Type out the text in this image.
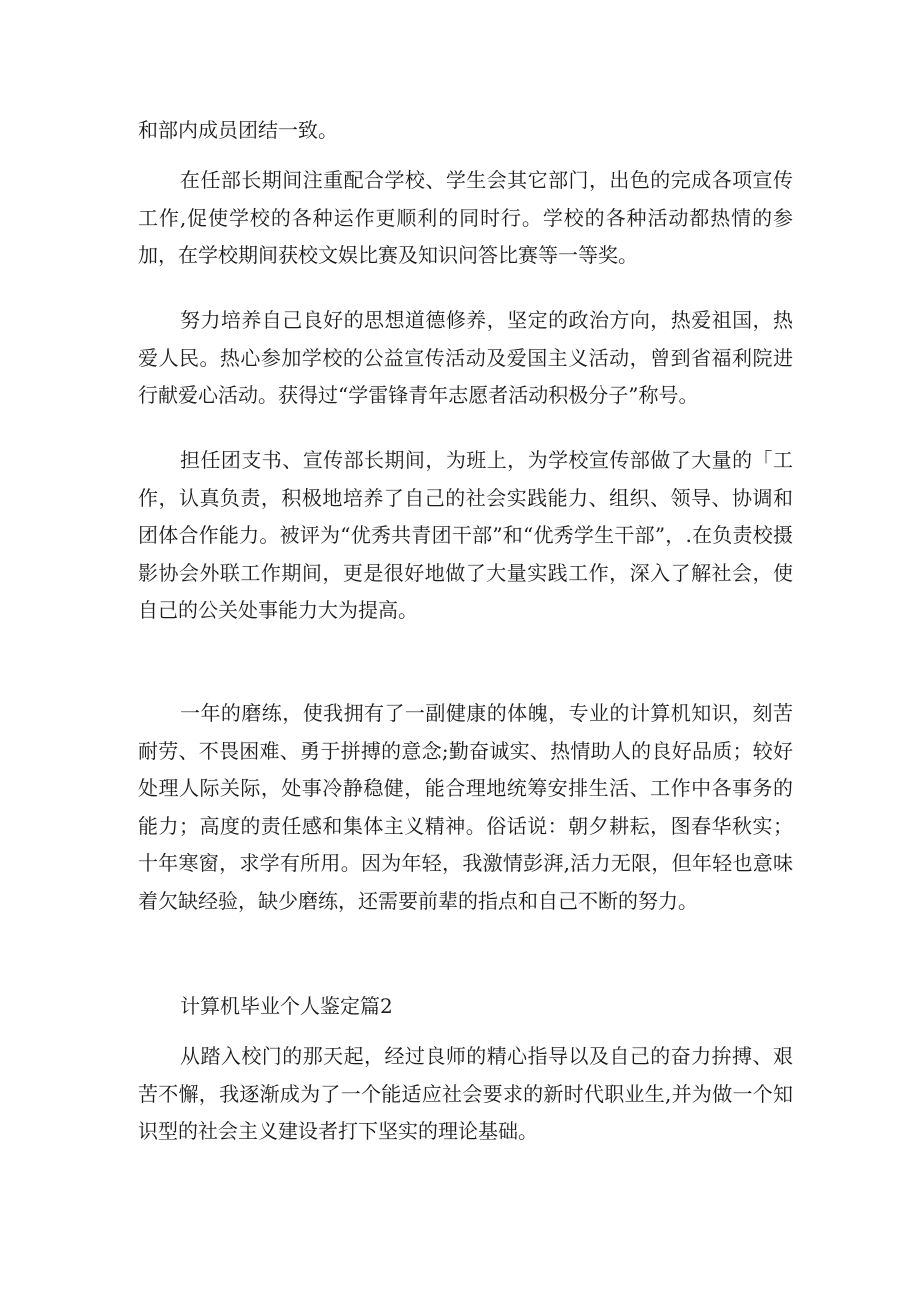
和部内成员团结一致。

在任部长期间注重配合学校、学生会其它部门，出色的完成各项宣传工作,促使学校的各种运作更顺利的同时行。学校的各种活动都热情的参加，在学校期间获校文娱比赛及知识问答比赛等一等奖。

努力培养自己良好的思想道德修养，坚定的政治方向，热爱祖国，热爱人民。热心参加学校的公益宣传活动及爱国主义活动，曾到省福利院进行献爱心活动。获得过“学雷锋青年志愿者活动积极分子”称号。

担任团支书、宣传部长期间，为班上，为学校宣传部做了大量的「工作，认真负责，积极地培养了自己的社会实践能力、组织、领导、协调和团体合作能力。被评为“优秀共青团干部”和“优秀学生干部”，.在负责校摄影协会外联工作期间，更是很好地做了大量实践工作，深入了解社会，使自己的公关处事能力大为提高。

一年的磨练，使我拥有了一副健康的体魄，专业的计算机知识，刻苦耐劳、不畏困难、勇于拼搏的意念;勤奋诚实、热情助人的良好品质；较好处理人际关际，处事冷静稳健，能合理地统筹安排生活、工作中各事务的能力；高度的责任感和集体主义精神。俗话说：朝夕耕耘，图春华秋实；十年寒窗，求学有所用。因为年轻，我激情彭湃,活力无限，但年轻也意味着欠缺经验，缺少磨练，还需要前辈的指点和自己不断的努力。

计算机毕业个人鉴定篇2

从踏入校门的那天起，经过良师的精心指导以及自己的奋力拚搏、艰苦不懈，我逐渐成为了一个能适应社会要求的新时代职业生,并为做一个知识型的社会主义建设者打下坚实的理论基础。
